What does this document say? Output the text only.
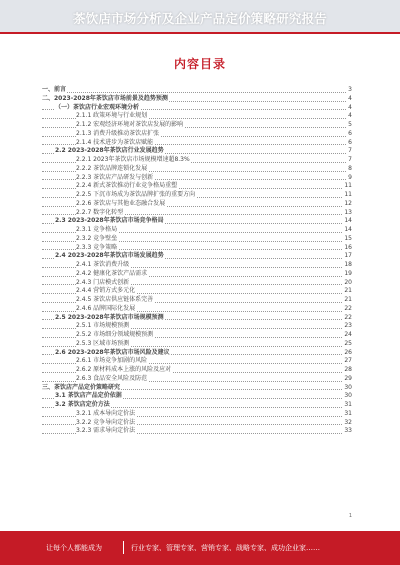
茶饮店市场分析及企业产品定价策略研究报告
内容目录
一、前言	3
二、2023-2028年茶饮店市场前景及趋势预测	4
（一）茶饮店行业宏观环境分析	4
2.1.1 政策环境与行业规划	4
2.1.2 宏观经济环境对茶饮店发展的影响	5
2.1.3 消费升级推动茶饮店扩张	6
2.1.4 技术进步为茶饮店赋能	6
2.2 2023-2028年茶饮店行业发展趋势	7
2.2.1 2023年茶饮店市场规模增速超8.3%	7
2.2.2 茶饮品牌连锁化发展	8
2.2.3 茶饮店产品研发与创新	9
2.2.4 新式茶饮推动行业竞争格局重塑	11
2.2.5 下沉市场成为茶饮品牌扩张的重要方向	11
2.2.6 茶饮店与其他业态融合发展	12
2.2.7 数字化转型	13
2.3 2023-2028年茶饮店市场竞争格局	14
2.3.1 竞争格局	14
2.3.2 竞争壁垒	15
2.3.3 竞争策略	16
2.4 2023-2028年茶饮店市场发展趋势	17
2.4.1 茶饮消费升级	18
2.4.2 健康化茶饮产品需求	19
2.4.3 门店模式创新	20
2.4.4 营销方式多元化	21
2.4.5 茶饮店供应链体系完善	21
2.4.6 品牌国际化发展	22
2.5 2023-2028年茶饮店市场规模预测	22
2.5.1 市场规模预测	23
2.5.2 市场细分领域规模预测	24
2.5.3 区域市场预测	25
2.6 2023-2028年茶饮店市场风险及建议	26
2.6.1 市场竞争加剧的风险	27
2.6.2 原材料成本上涨的风险及应对	28
2.6.3 食品安全风险及防范	29
三、茶饮店产品定价策略研究	30
3.1 茶饮店产品定价依据	30
3.2 茶饮店定价方法	31
3.2.1 成本导向定价法	31
3.2.2 竞争导向定价法	32
3.2.3 需求导向定价法	33
1
让每个人都能成为	行业专家、管理专家、营销专家、战略专家、成功企业家……
